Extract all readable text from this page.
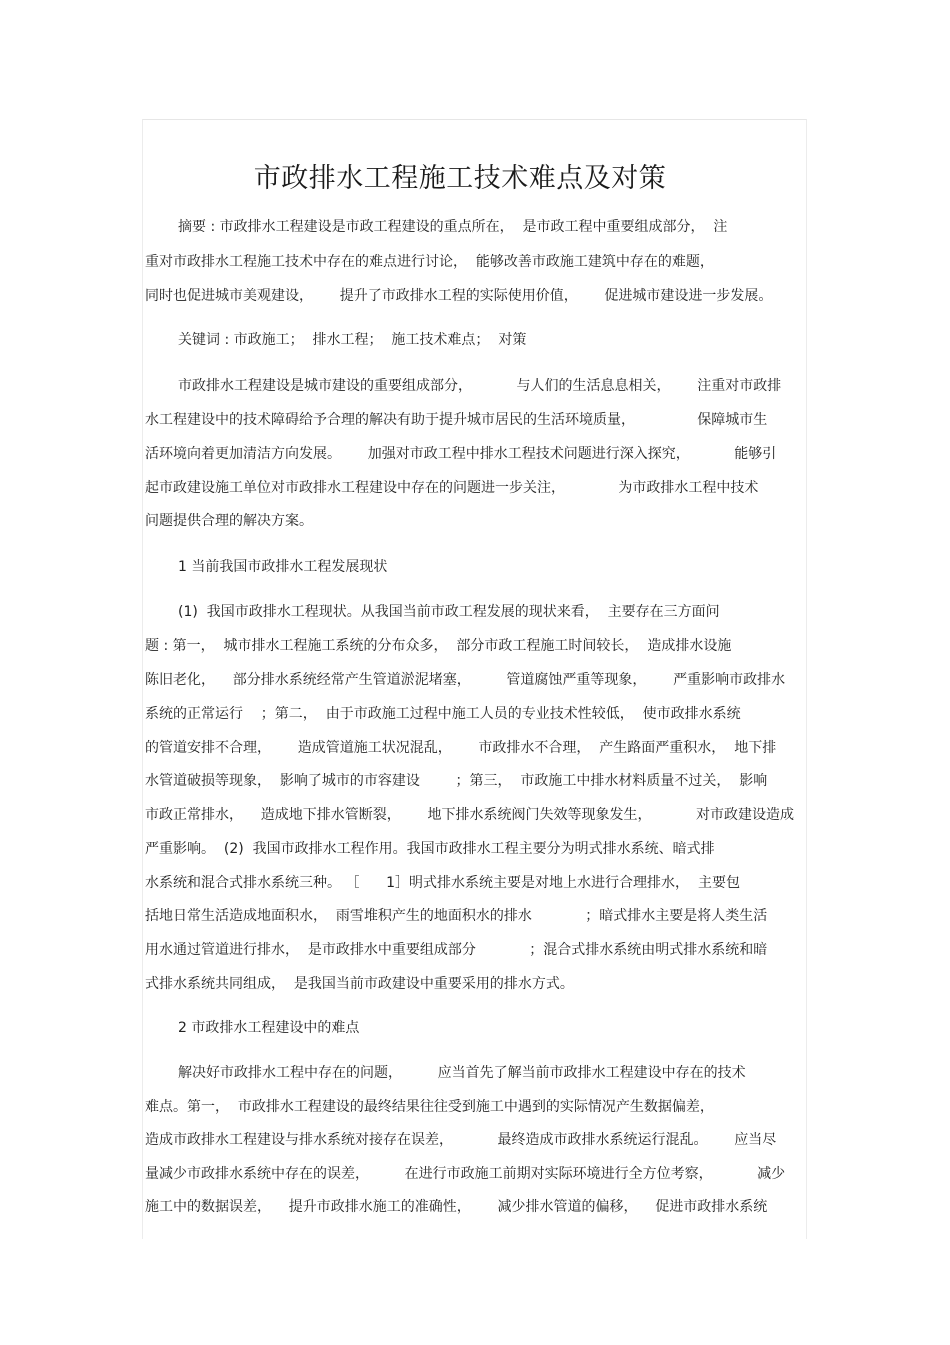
市政排水工程施工技术难点及对策
摘要 : 市政排水工程建设是市政工程建设的重点所在，  是市政工程中重要组成部分，  注
重对市政排水工程施工技术中存在的难点进行讨论，  能够改善市政施工建筑中存在的难题，
同时也促进城市美观建设，      提升了市政排水工程的实际使用价值，      促进城市建设进一步发展。
关键词 : 市政施工；  排水工程；  施工技术难点；  对策
市政排水工程建设是城市建设的重要组成部分，          与人们的生活息息相关，      注重对市政排
水工程建设中的技术障碍给予合理的解决有助于提升城市居民的生活环境质量，              保障城市生
活环境向着更加清洁方向发展。      加强对市政工程中排水工程技术问题进行深入探究，          能够引
起市政建设施工单位对市政排水工程建设中存在的问题进一步关注，            为市政排水工程中技术
问题提供合理的解决方案。
1 当前我国市政排水工程发展现状
(1)  我国市政排水工程现状。从我国当前市政工程发展的现状来看，  主要存在三方面问
题 : 第一，  城市排水工程施工系统的分布众多，  部分市政工程施工时间较长，  造成排水设施
陈旧老化，    部分排水系统经常产生管道淤泥堵塞，        管道腐蚀严重等现象，      严重影响市政排水
系统的正常运行    ；第二，  由于市政施工过程中施工人员的专业技术性较低，  使市政排水系统
的管道安排不合理，      造成管道施工状况混乱，      市政排水不合理，  产生路面严重积水，  地下排
水管道破损等现象，  影响了城市的市容建设        ；第三，  市政施工中排水材料质量不过关，  影响
市政正常排水，    造成地下排水管断裂，      地下排水系统阀门失效等现象发生，          对市政建设造成
严重影响。  (2)  我国市政排水工程作用。我国市政排水工程主要分为明式排水系统、暗式排
水系统和混合式排水系统三种。 ［      1］明式排水系统主要是对地上水进行合理排水，  主要包
括地日常生活造成地面积水，  雨雪堆积产生的地面积水的排水            ；暗式排水主要是将人类生活
用水通过管道进行排水，  是市政排水中重要组成部分            ；混合式排水系统由明式排水系统和暗
式排水系统共同组成，  是我国当前市政建设中重要采用的排水方式。
2 市政排水工程建设中的难点
解决好市政排水工程中存在的问题，        应当首先了解当前市政排水工程建设中存在的技术
难点。第一，  市政排水工程建设的最终结果往往受到施工中遇到的实际情况产生数据偏差，
造成市政排水工程建设与排水系统对接存在误差，          最终造成市政排水系统运行混乱。      应当尽
量减少市政排水系统中存在的误差，        在进行市政施工前期对实际环境进行全方位考察，          减少
施工中的数据误差，    提升市政排水施工的准确性，      减少排水管道的偏移，    促进市政排水系统
